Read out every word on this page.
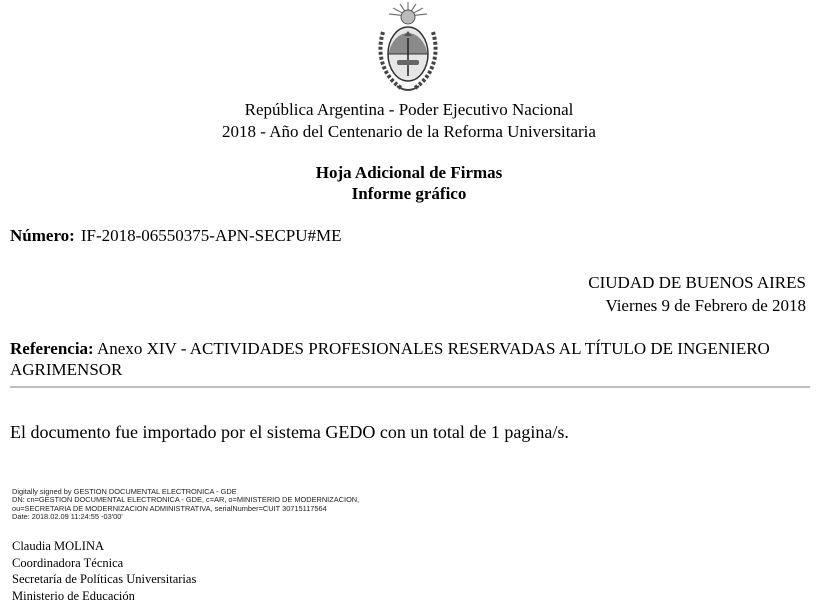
República Argentina - Poder Ejecutivo Nacional
2018 - Año del Centenario de la Reforma Universitaria
Hoja Adicional de Firmas
Informe gráfico
Número: IF-2018-06550375-APN-SECPU#ME
CIUDAD DE BUENOS AIRES
Viernes 9 de Febrero de 2018
Referencia: Anexo XIV - ACTIVIDADES PROFESIONALES RESERVADAS AL TÍTULO DE INGENIERO AGRIMENSOR
El documento fue importado por el sistema GEDO con un total de 1 pagina/s.
Digitally signed by GESTION DOCUMENTAL ELECTRONICA - GDE
DN: cn=GESTION DOCUMENTAL ELECTRONICA - GDE, c=AR, o=MINISTERIO DE MODERNIZACION,
ou=SECRETARIA DE MODERNIZACION ADMINISTRATIVA, serialNumber=CUIT 30715117564
Date: 2018.02.09 11:24:55 -03'00'
Claudia MOLINA
Coordinadora Técnica
Secretaría de Políticas Universitarias
Ministerio de Educación
